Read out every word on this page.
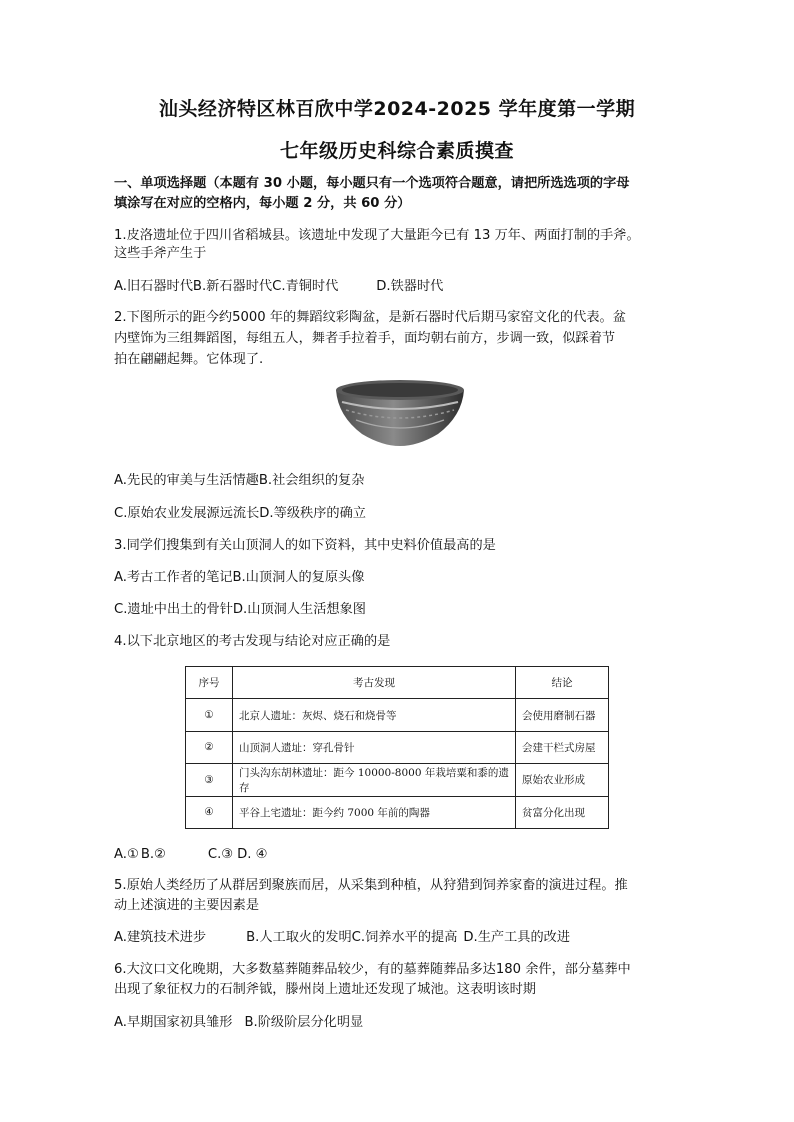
汕头经济特区林百欣中学2024-2025 学年度第一学期
七年级历史科综合素质摸查
一、单项选择题（本题有 30 小题，每小题只有一个选项符合题意，请把所选选项的字母
填涂写在对应的空格内，每小题 2 分，共 60 分）
1.皮洛遗址位于四川省稻城县。该遗址中发现了大量距今已有 13 万年、两面打制的手斧。
这些手斧产生于
A.旧石器时代B.新石器时代C.青铜时代	D.铁器时代
2.下图所示的距今约5000 年的舞蹈纹彩陶盆，是新石器时代后期马家窑文化的代表。盆
内壁饰为三组舞蹈图，每组五人，舞者手拉着手，面均朝右前方，步调一致，似踩着节
拍在翩翩起舞。它体现了.
A.先民的审美与生活情趣B.社会组织的复杂
C.原始农业发展源远流长D.等级秩序的确立
3.同学们搜集到有关山顶洞人的如下资料，其中史料价值最高的是
A.考古工作者的笔记B.山顶洞人的复原头像
C.遗址中出土的骨针D.山顶洞人生活想象图
4.以下北京地区的考古发现与结论对应正确的是
序号	考古发现	结论
①	北京人遗址：灰烬、烧石和烧骨等	会使用磨制石器
②	山顶洞人遗址：穿孔骨针	会建干栏式房屋
③	门头沟东胡林遗址：距今 10000-8000 年栽培粟和黍的遗存	原始农业形成
④	平谷上宅遗址：距今约 7000 年前的陶器	贫富分化出现
A.① B.②	C.③ D. ④
5.原始人类经历了从群居到聚族而居，从采集到种植，从狩猎到饲养家畜的演进过程。推
动上述演进的主要因素是
A.建筑技术进步	B.人工取火的发明C.饲养水平的提高 D.生产工具的改进
6.大汶口文化晚期，大多数墓葬随葬品较少，有的墓葬随葬品多达180 余件，部分墓葬中
出现了象征权力的石制斧钺，滕州岗上遗址还发现了城池。这表明该时期
A.早期国家初具雏形 B.阶级阶层分化明显
